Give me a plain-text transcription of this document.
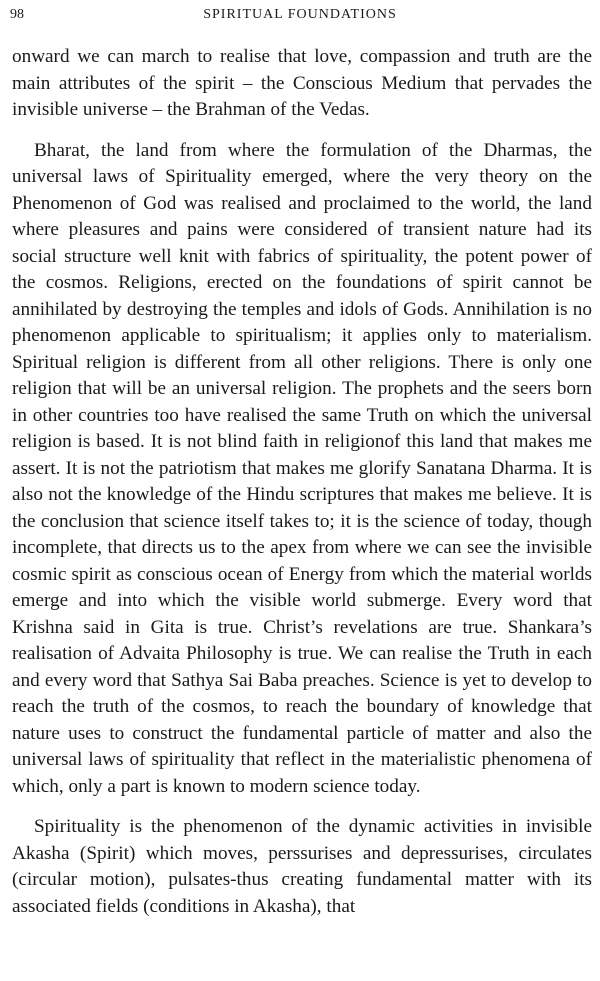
98	SPIRITUAL FOUNDATIONS

onward we can march to realise that love, compassion and truth are the main attributes of the spirit – the Conscious Medium that pervades the invisible universe – the Brahman of the Vedas.

Bharat, the land from where the formulation of the Dharmas, the universal laws of Spirituality emerged, where the very theory on the Phenomenon of God was realised and proclaimed to the world, the land where pleasures and pains were considered of transient nature had its social structure well knit with fabrics of spirituality, the potent power of the cosmos. Religions, erected on the foundations of spirit cannot be annihilated by destroying the temples and idols of Gods. Annihilation is no phenomenon applicable to spiritualism; it applies only to materialism. Spiritual religion is different from all other religions. There is only one religion that will be an universal religion. The prophets and the seers born in other countries too have realised the same Truth on which the universal religion is based. It is not blind faith in religionof this land that makes me assert. It is not the patriotism that makes me glorify Sanatana Dharma. It is also not the knowledge of the Hindu scriptures that makes me believe. It is the conclusion that science itself takes to; it is the science of today, though incomplete, that directs us to the apex from where we can see the invisible cosmic spirit as conscious ocean of Energy from which the material worlds emerge and into which the visible world submerge. Every word that Krishna said in Gita is true. Christ’s revelations are true. Shankara’s realisation of Advaita Philosophy is true. We can realise the Truth in each and every word that Sathya Sai Baba preaches. Science is yet to develop to reach the truth of the cosmos, to reach the boundary of knowledge that nature uses to construct the fundamental particle of matter and also the universal laws of spirituality that reflect in the materialistic phenomena of which, only a part is known to modern science today.

Spirituality is the phenomenon of the dynamic activities in invisible Akasha (Spirit) which moves, perssurises and depressurises, circulates (circular motion), pulsates-thus creating fundamental matter with its associated fields (conditions in Akasha), that
